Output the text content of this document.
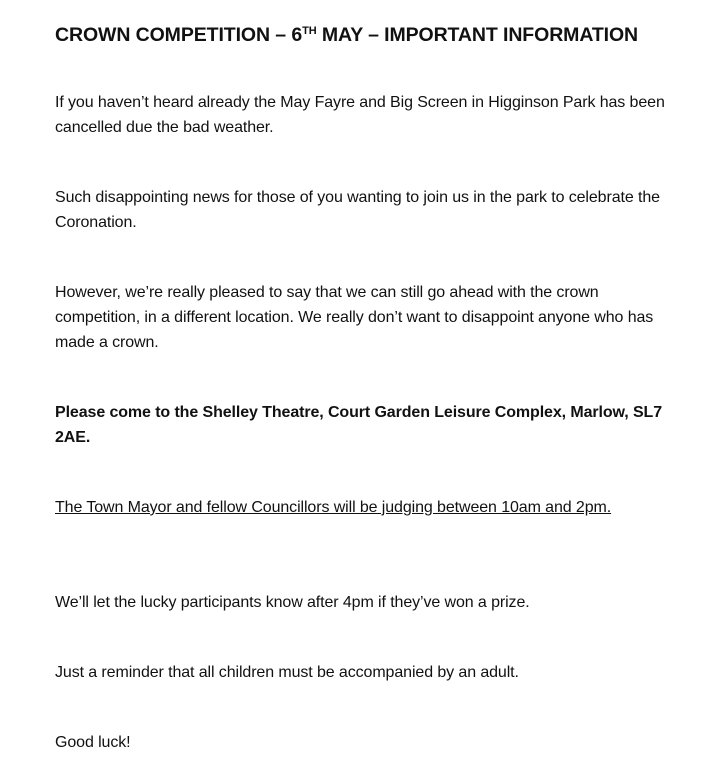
CROWN COMPETITION – 6TH MAY – IMPORTANT INFORMATION

If you haven’t heard already the May Fayre and Big Screen in Higginson Park has been cancelled due the bad weather.

Such disappointing news for those of you wanting to join us in the park to celebrate the Coronation.

However, we’re really pleased to say that we can still go ahead with the crown competition, in a different location. We really don’t want to disappoint anyone who has made a crown.

Please come to the Shelley Theatre, Court Garden Leisure Complex, Marlow, SL7 2AE.

The Town Mayor and fellow Councillors will be judging between 10am and 2pm.

We’ll let the lucky participants know after 4pm if they’ve won a prize.

Just a reminder that all children must be accompanied by an adult.

Good luck!
